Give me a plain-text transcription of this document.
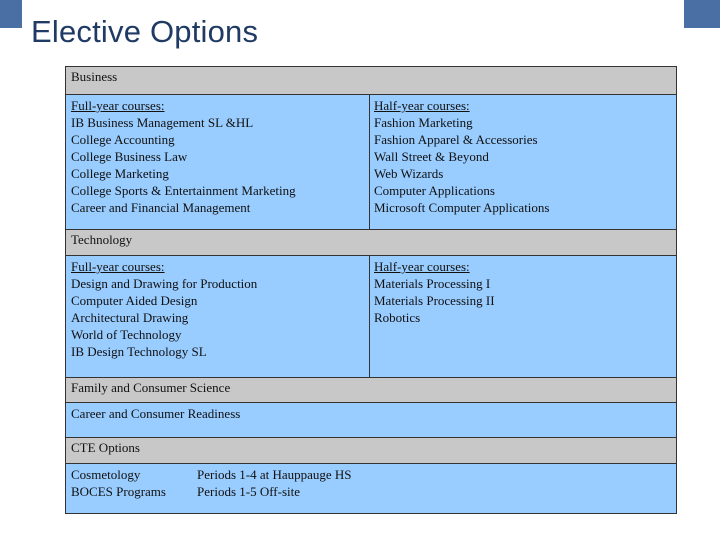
Elective Options
Business
Full-year courses:
IB Business Management SL &HL
College Accounting
College Business Law
College Marketing
College Sports & Entertainment Marketing
Career and Financial Management
Half-year courses:
Fashion Marketing
Fashion Apparel & Accessories
Wall Street & Beyond
Web Wizards
Computer Applications
Microsoft Computer Applications
Technology
Full-year courses:
Design and Drawing for Production
Computer Aided Design
Architectural Drawing
World of Technology
IB Design Technology SL
Half-year courses:
Materials Processing I
Materials Processing II
Robotics
Family and Consumer Science
Career and Consumer Readiness
CTE Options
Cosmetology
BOCES Programs
Periods 1-4 at Hauppauge HS
Periods 1-5 Off-site
